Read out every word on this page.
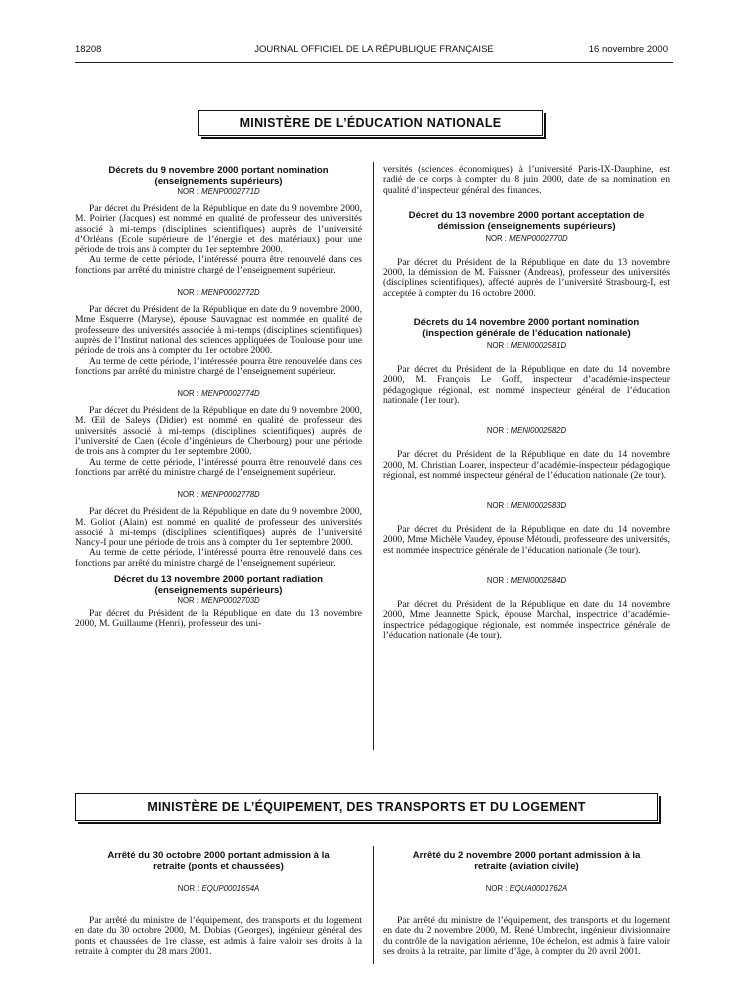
18208	JOURNAL OFFICIEL DE LA RÉPUBLIQUE FRANÇAISE	16 novembre 2000
MINISTÈRE DE L’ÉDUCATION NATIONALE
Décrets du 9 novembre 2000 portant nomination (enseignements supérieurs)
NOR : MENP0002771D

Par décret du Président de la République en date du 9 novembre 2000, M. Poirier (Jacques) est nommé en qualité de professeur des universités associé à mi-temps (disciplines scientifiques) auprès de l’université d’Orléans (Ecole supérieure de l’énergie et des matériaux) pour une période de trois ans à compter du 1er septembre 2000.

Au terme de cette période, l’intéressé pourra être renouvelé dans ces fonctions par arrêté du ministre chargé de l’enseignement supérieur.

NOR : MENP0002772D

Par décret du Président de la République en date du 9 novembre 2000, Mme Esquerre (Maryse), épouse Sauvagnac est nommée en qualité de professeure des universités associée à mi-temps (disciplines scientifiques) auprès de l’Institut national des sciences appliquées de Toulouse pour une période de trois ans à compter du 1er octobre 2000.

Au terme de cette période, l’intéressée pourra être renouvelée dans ces fonctions par arrêté du ministre chargé de l’enseignement supérieur.

NOR : MENP0002774D

Par décret du Président de la République en date du 9 novembre 2000, M. Œil de Saleys (Didier) est nommé en qualité de professeur des universités associé à mi-temps (disciplines scientifiques) auprès de l’université de Caen (école d’ingénieurs de Cherbourg) pour une période de trois ans à compter du 1er septembre 2000.

Au terme de cette période, l’intéressé pourra être renouvelé dans ces fonctions par arrêté du ministre chargé de l’enseignement supérieur.

NOR : MENP0002778D

Par décret du Président de la République en date du 9 novembre 2000, M. Goliot (Alain) est nommé en qualité de professeur des universités associé à mi-temps (disciplines scientifiques) auprès de l’université Nancy-I pour une période de trois ans à compter du 1er septembre 2000.

Au terme de cette période, l’intéressé pourra être renouvelé dans ces fonctions par arrêté du ministre chargé de l’enseignement supérieur.

Décret du 13 novembre 2000 portant radiation (enseignements supérieurs)
NOR : MENP0002703D

Par décret du Président de la République en date du 13 novembre 2000, M. Guillaume (Henri), professeur des uni-

versités (sciences économiques) à l’université Paris-IX-Dauphine, est radié de ce corps à compter du 8 juin 2000, date de sa nomination en qualité d’inspecteur général des finances.

Décret du 13 novembre 2000 portant acceptation de démission (enseignements supérieurs)
NOR : MENP0002770D

Par décret du Président de la République en date du 13 novembre 2000, la démission de M. Faissner (Andreas), professeur des universités (disciplines scientifiques), affecté auprès de l’université Strasbourg-I, est acceptée à compter du 16 octobre 2000.

Décrets du 14 novembre 2000 portant nomination (inspection générale de l’éducation nationale)
NOR : MENI0002581D

Par décret du Président de la République en date du 14 novembre 2000, M. François Le Goff, inspecteur d’académie-inspecteur pédagogique régional, est nommé inspecteur général de l’éducation nationale (1er tour).

NOR : MENI0002582D

Par décret du Président de la République en date du 14 novembre 2000, M. Christian Loarer, inspecteur d’académie-inspecteur pédagogique régional, est nommé inspecteur général de l’éducation nationale (2e tour).

NOR : MENI0002583D

Par décret du Président de la République en date du 14 novembre 2000, Mme Michèle Vaudey, épouse Métoudi, professeure des universités, est nommée inspectrice générale de l’éducation nationale (3e tour).

NOR : MENI0002584D

Par décret du Président de la République en date du 14 novembre 2000, Mme Jeannette Spick, épouse Marchal, inspectrice d’académie-inspectrice pédagogique régionale, est nommée inspectrice générale de l’éducation nationale (4e tour).

MINISTÈRE DE L’ÉQUIPEMENT, DES TRANSPORTS ET DU LOGEMENT
Arrêté du 30 octobre 2000 portant admission à la retraite (ponts et chaussées)
NOR : EQUP0001654A

Par arrêté du ministre de l’équipement, des transports et du logement en date du 30 octobre 2000, M. Dobias (Georges), ingénieur général des ponts et chaussées de 1re classe, est admis à faire valoir ses droits à la retraite à compter du 28 mars 2001.

Arrêté du 2 novembre 2000 portant admission à la retraite (aviation civile)
NOR : EQUA0001762A

Par arrêté du ministre de l’équipement, des transports et du logement en date du 2 novembre 2000, M. René Umbrecht, ingénieur divisionnaire du contrôle de la navigation aérienne, 10e échelon, est admis à faire valoir ses droits à la retraite, par limite d’âge, à compter du 20 avril 2001.
